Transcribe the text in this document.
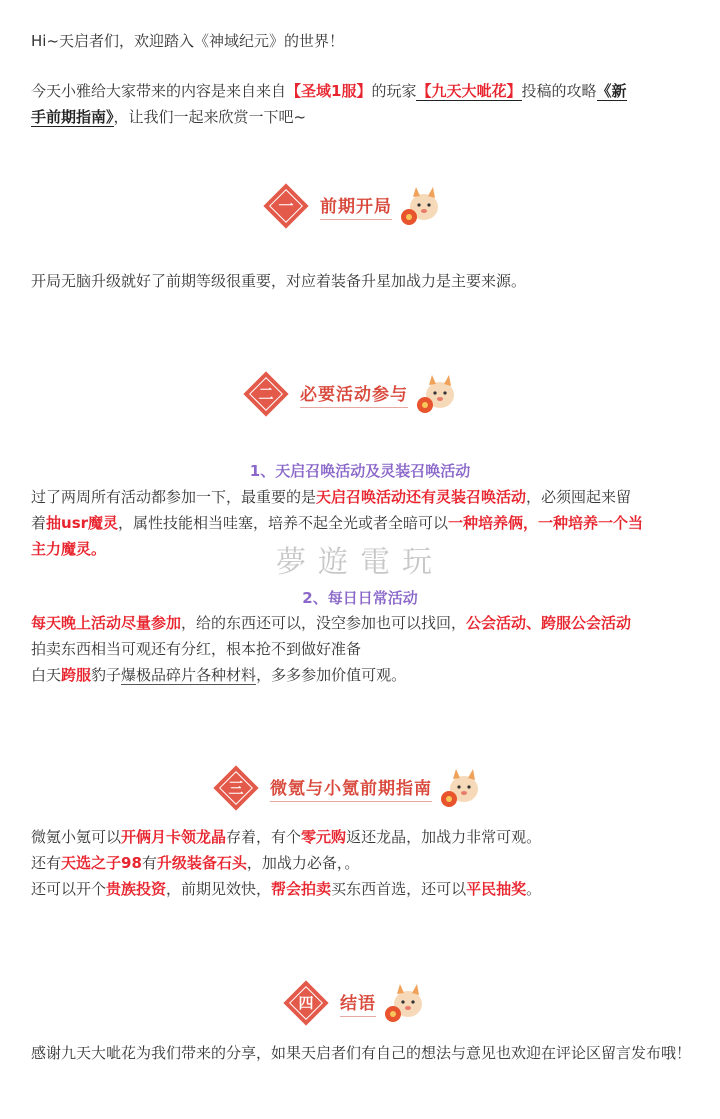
Hi~天启者们，欢迎踏入《神域纪元》的世界！

今天小雅给大家带来的内容是来自来自【圣域1服】的玩家【九天大呲花】投稿的攻略《新
手前期指南》，让我们一起来欣赏一下吧~

一	前期开局

开局无脑升级就好了前期等级很重要，对应着装备升星加战力是主要来源。

二	必要活动参与
1、天启召唤活动及灵装召唤活动

过了两周所有活动都参加一下，最重要的是天启召唤活动还有灵装召唤活动，必须囤起来留
着抽usr魔灵，属性技能相当哇塞，培养不起全光或者全暗可以一种培养俩，一种培养一个当
主力魔灵。	夢遊電玩
2、每日日常活动

每天晚上活动尽量参加，给的东西还可以，没空参加也可以找回，公会活动、跨服公会活动
拍卖东西相当可观还有分红，根本抢不到做好准备
白天跨服豹子爆极品碎片各种材料，多多参加价值可观。

三	微氪与小氪前期指南

微氪小氪可以开俩月卡领龙晶存着，有个零元购返还龙晶，加战力非常可观。
还有天选之子98有升级装备石头，加战力必备，。
还可以开个贵族投资，前期见效快，帮会拍卖买东西首选，还可以平民抽奖。

四	结语

感谢九天大呲花为我们带来的分享，如果天启者们有自己的想法与意见也欢迎在评论区留言发布哦！
